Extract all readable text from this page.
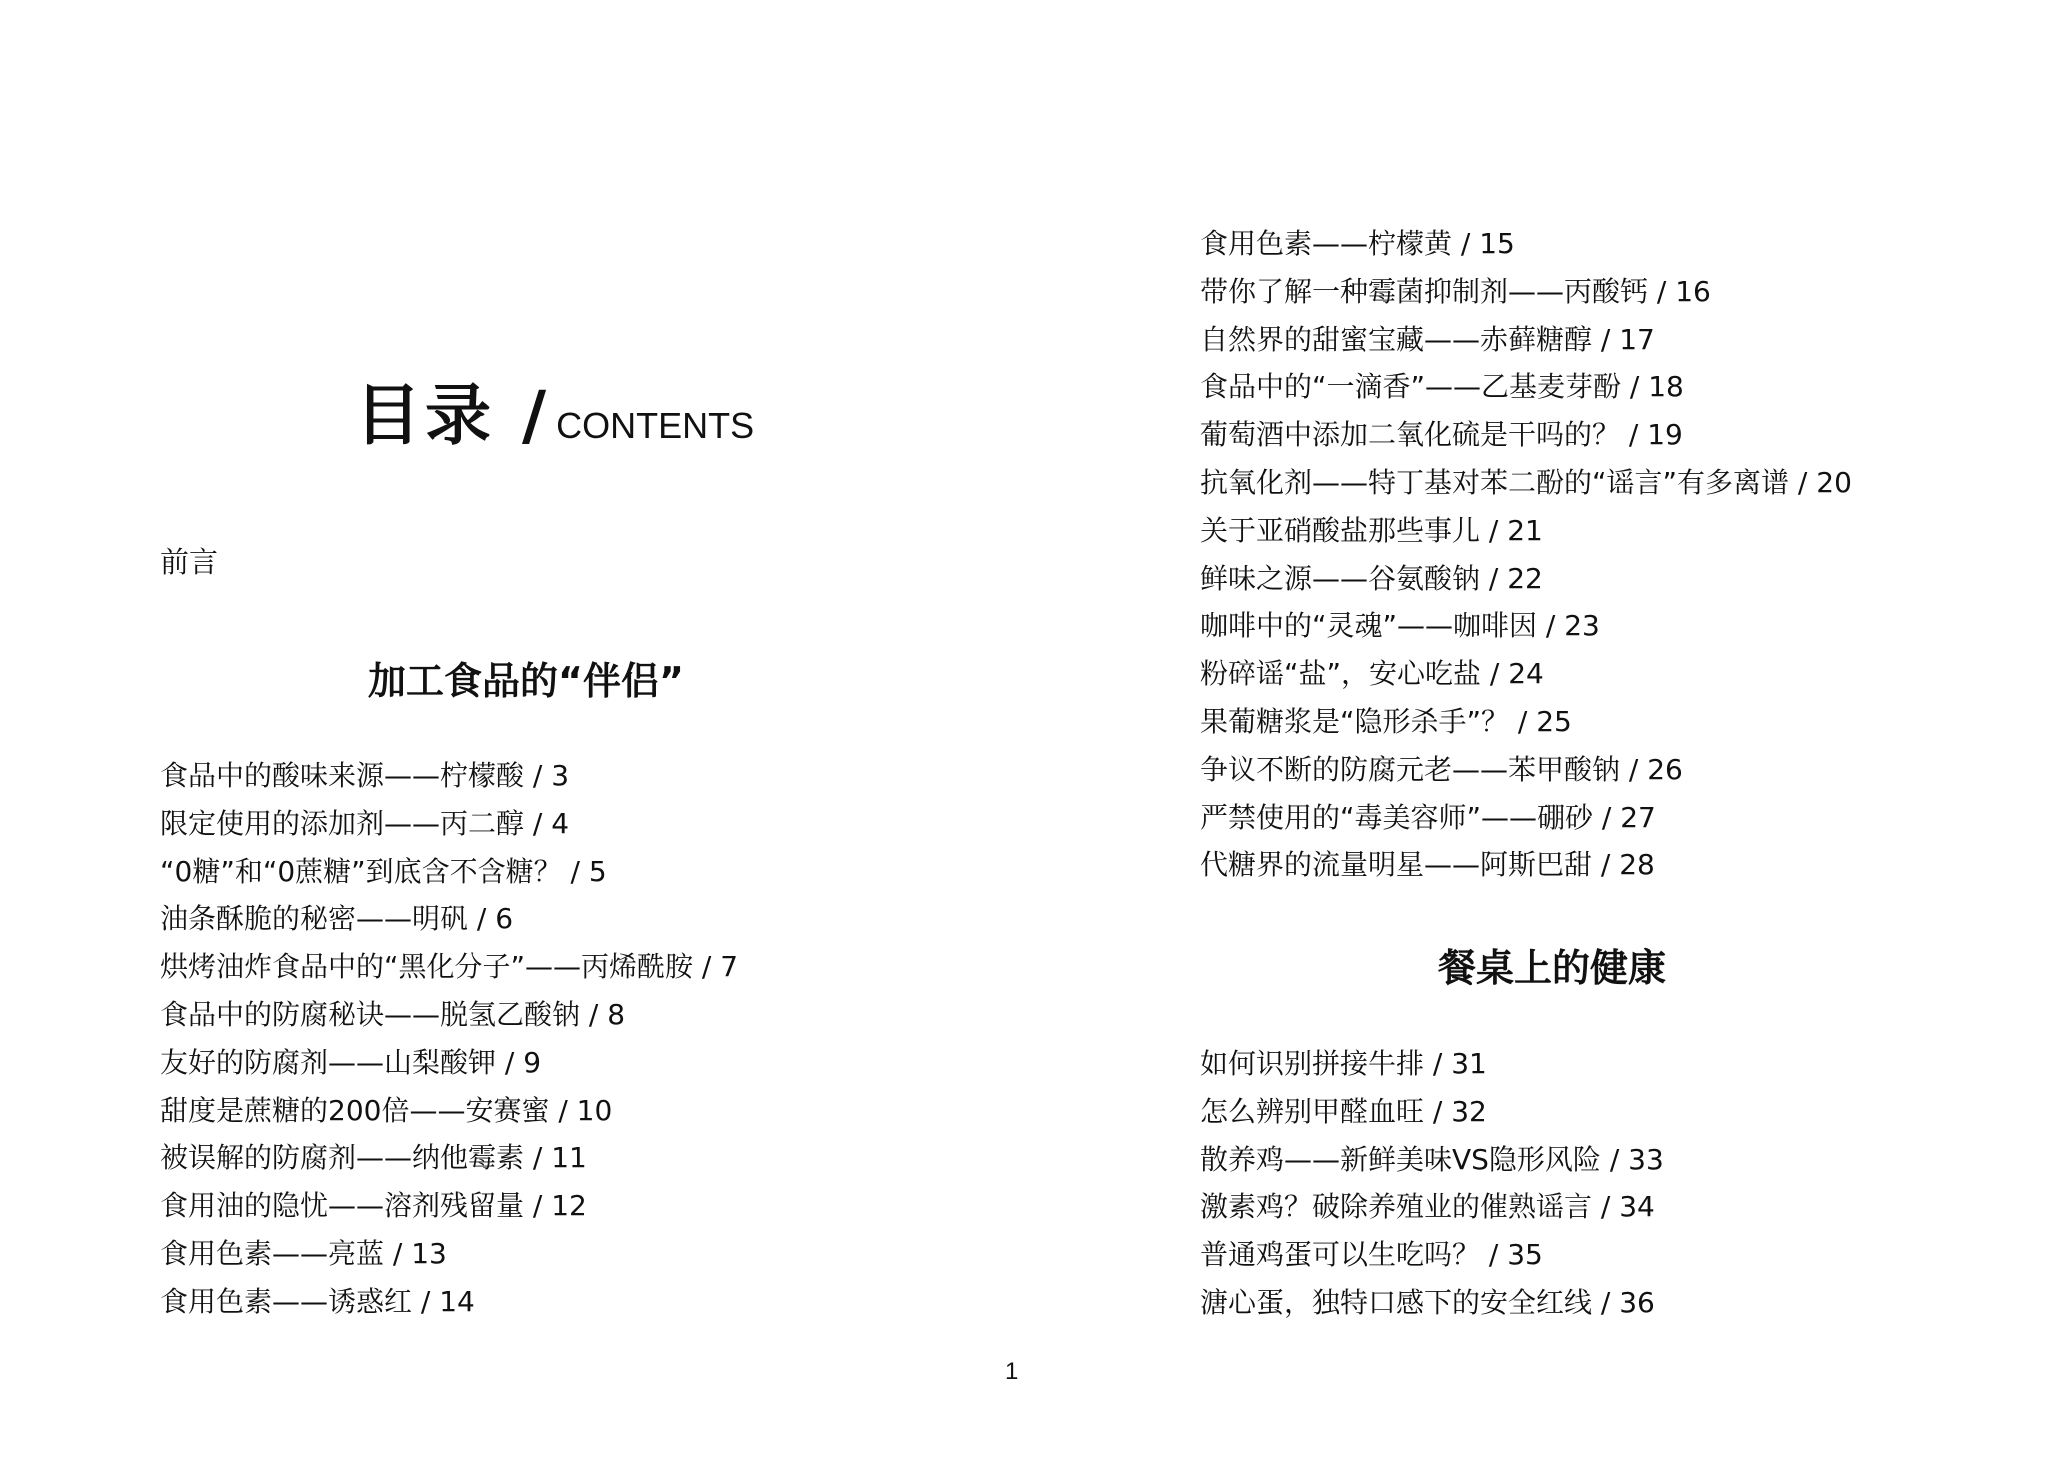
目录 / CONTENTS
前言
加工食品的“伴侣”
食品中的酸味来源——柠檬酸 / 3
限定使用的添加剂——丙二醇 / 4
“0糖”和“0蔗糖”到底含不含糖？ / 5
油条酥脆的秘密——明矾 / 6
烘烤油炸食品中的“黑化分子”——丙烯酰胺 / 7
食品中的防腐秘诀——脱氢乙酸钠 / 8
友好的防腐剂——山梨酸钾 / 9
甜度是蔗糖的200倍——安赛蜜 / 10
被误解的防腐剂——纳他霉素 / 11
食用油的隐忧——溶剂残留量 / 12
食用色素——亮蓝 / 13
食用色素——诱惑红 / 14
食用色素——柠檬黄 / 15
带你了解一种霉菌抑制剂——丙酸钙 / 16
自然界的甜蜜宝藏——赤藓糖醇 / 17
食品中的“一滴香”——乙基麦芽酚 / 18
葡萄酒中添加二氧化硫是干吗的？ / 19
抗氧化剂——特丁基对苯二酚的“谣言”有多离谱 / 20
关于亚硝酸盐那些事儿 / 21
鲜味之源——谷氨酸钠 / 22
咖啡中的“灵魂”——咖啡因 / 23
粉碎谣“盐”，安心吃盐 / 24
果葡糖浆是“隐形杀手”？ / 25
争议不断的防腐元老——苯甲酸钠 / 26
严禁使用的“毒美容师”——硼砂 / 27
代糖界的流量明星——阿斯巴甜 / 28
餐桌上的健康
如何识别拼接牛排 / 31
怎么辨别甲醛血旺 / 32
散养鸡——新鲜美味VS隐形风险 / 33
激素鸡？破除养殖业的催熟谣言 / 34
普通鸡蛋可以生吃吗？ / 35
溏心蛋，独特口感下的安全红线 / 36
1
